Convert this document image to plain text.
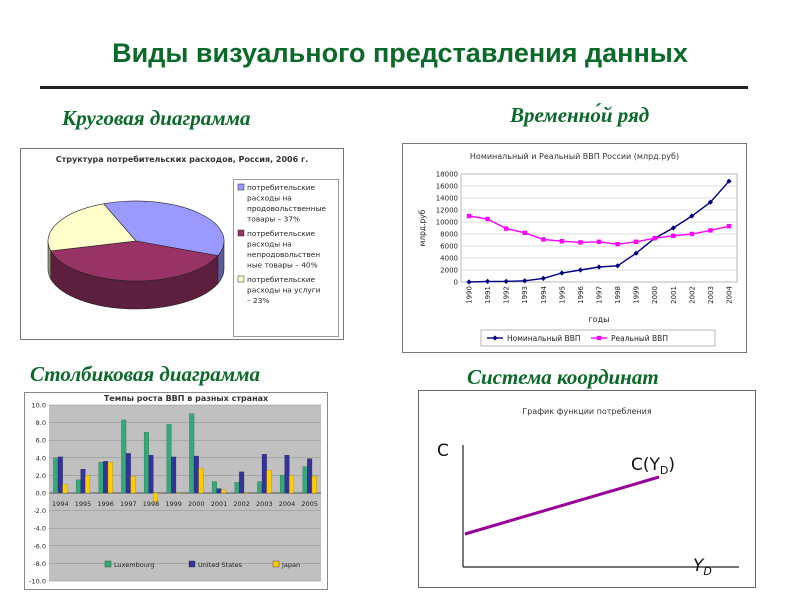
Виды визуального представления данных
Круговая диаграмма	Временно́й ряд
Столбиковая диаграмма	Система координат
Структура потребительских расходов, Россия, 2006 г.
потребительские
расходы на
продовольственные
товары – 37%
потребительские
расходы на
непродовольствен
ные товары – 40%
потребительские
расходы на услуги
– 23%
Номинальный и Реальный ВВП России (млрд.руб)
0
2000
4000
6000
8000
10000
12000
14000
16000
18000
1990 1991 1992 1993 1994 1995 1996 1997 1998 1999 2000 2001 2002 2003 2004
млрд.руб
годы
Номинальный ВВП	Реальный ВВП
Темпы роста ВВП в разных странах
10.0
8.0
6.0
4.0
2.0
0.0
-2.0
-4.0
-6.0
-8.0
-10.0
1994 1995 1996 1997 1998 1999 2000 2001 2002 2003 2004 2005
Luxembourg	United States	Japan
График функции потребления
C
$C(Y_D)$
$Y_D$
